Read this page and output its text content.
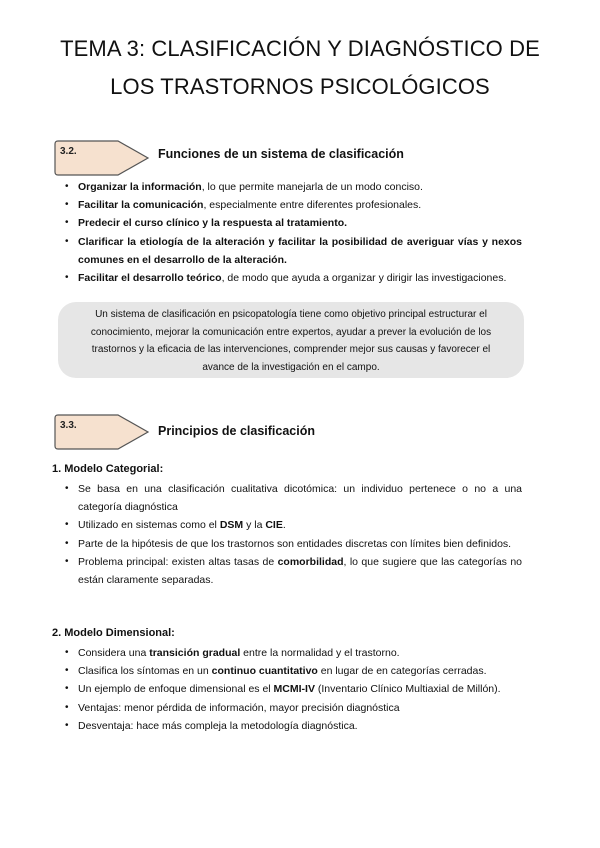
TEMA 3: CLASIFICACIÓN Y DIAGNÓSTICO DE
LOS TRASTORNOS PSICOLÓGICOS
3.2.	Funciones de un sistema de clasificación
• Organizar la información, lo que permite manejarla de un modo conciso.
• Facilitar la comunicación, especialmente entre diferentes profesionales.
• Predecir el curso clínico y la respuesta al tratamiento.
• Clarificar la etiología de la alteración y facilitar la posibilidad de averiguar vías y nexos comunes en el desarrollo de la alteración.
• Facilitar el desarrollo teórico, de modo que ayuda a organizar y dirigir las investigaciones.
Un sistema de clasificación en psicopatología tiene como objetivo principal estructurar el
conocimiento, mejorar la comunicación entre expertos, ayudar a prever la evolución de los
trastornos y la eficacia de las intervenciones, comprender mejor sus causas y favorecer el
avance de la investigación en el campo.
3.3.	Principios de clasificación
1. Modelo Categorial:
• Se basa en una clasificación cualitativa dicotómica: un individuo pertenece o no a una categoría diagnóstica
• Utilizado en sistemas como el DSM y la CIE.
• Parte de la hipótesis de que los trastornos son entidades discretas con límites bien definidos.
• Problema principal: existen altas tasas de comorbilidad, lo que sugiere que las categorías no están claramente separadas.
2. Modelo Dimensional:
• Considera una transición gradual entre la normalidad y el trastorno.
• Clasifica los síntomas en un continuo cuantitativo en lugar de en categorías cerradas.
• Un ejemplo de enfoque dimensional es el MCMI-IV (Inventario Clínico Multiaxial de Millón).
• Ventajas: menor pérdida de información, mayor precisión diagnóstica
• Desventaja: hace más compleja la metodología diagnóstica.
